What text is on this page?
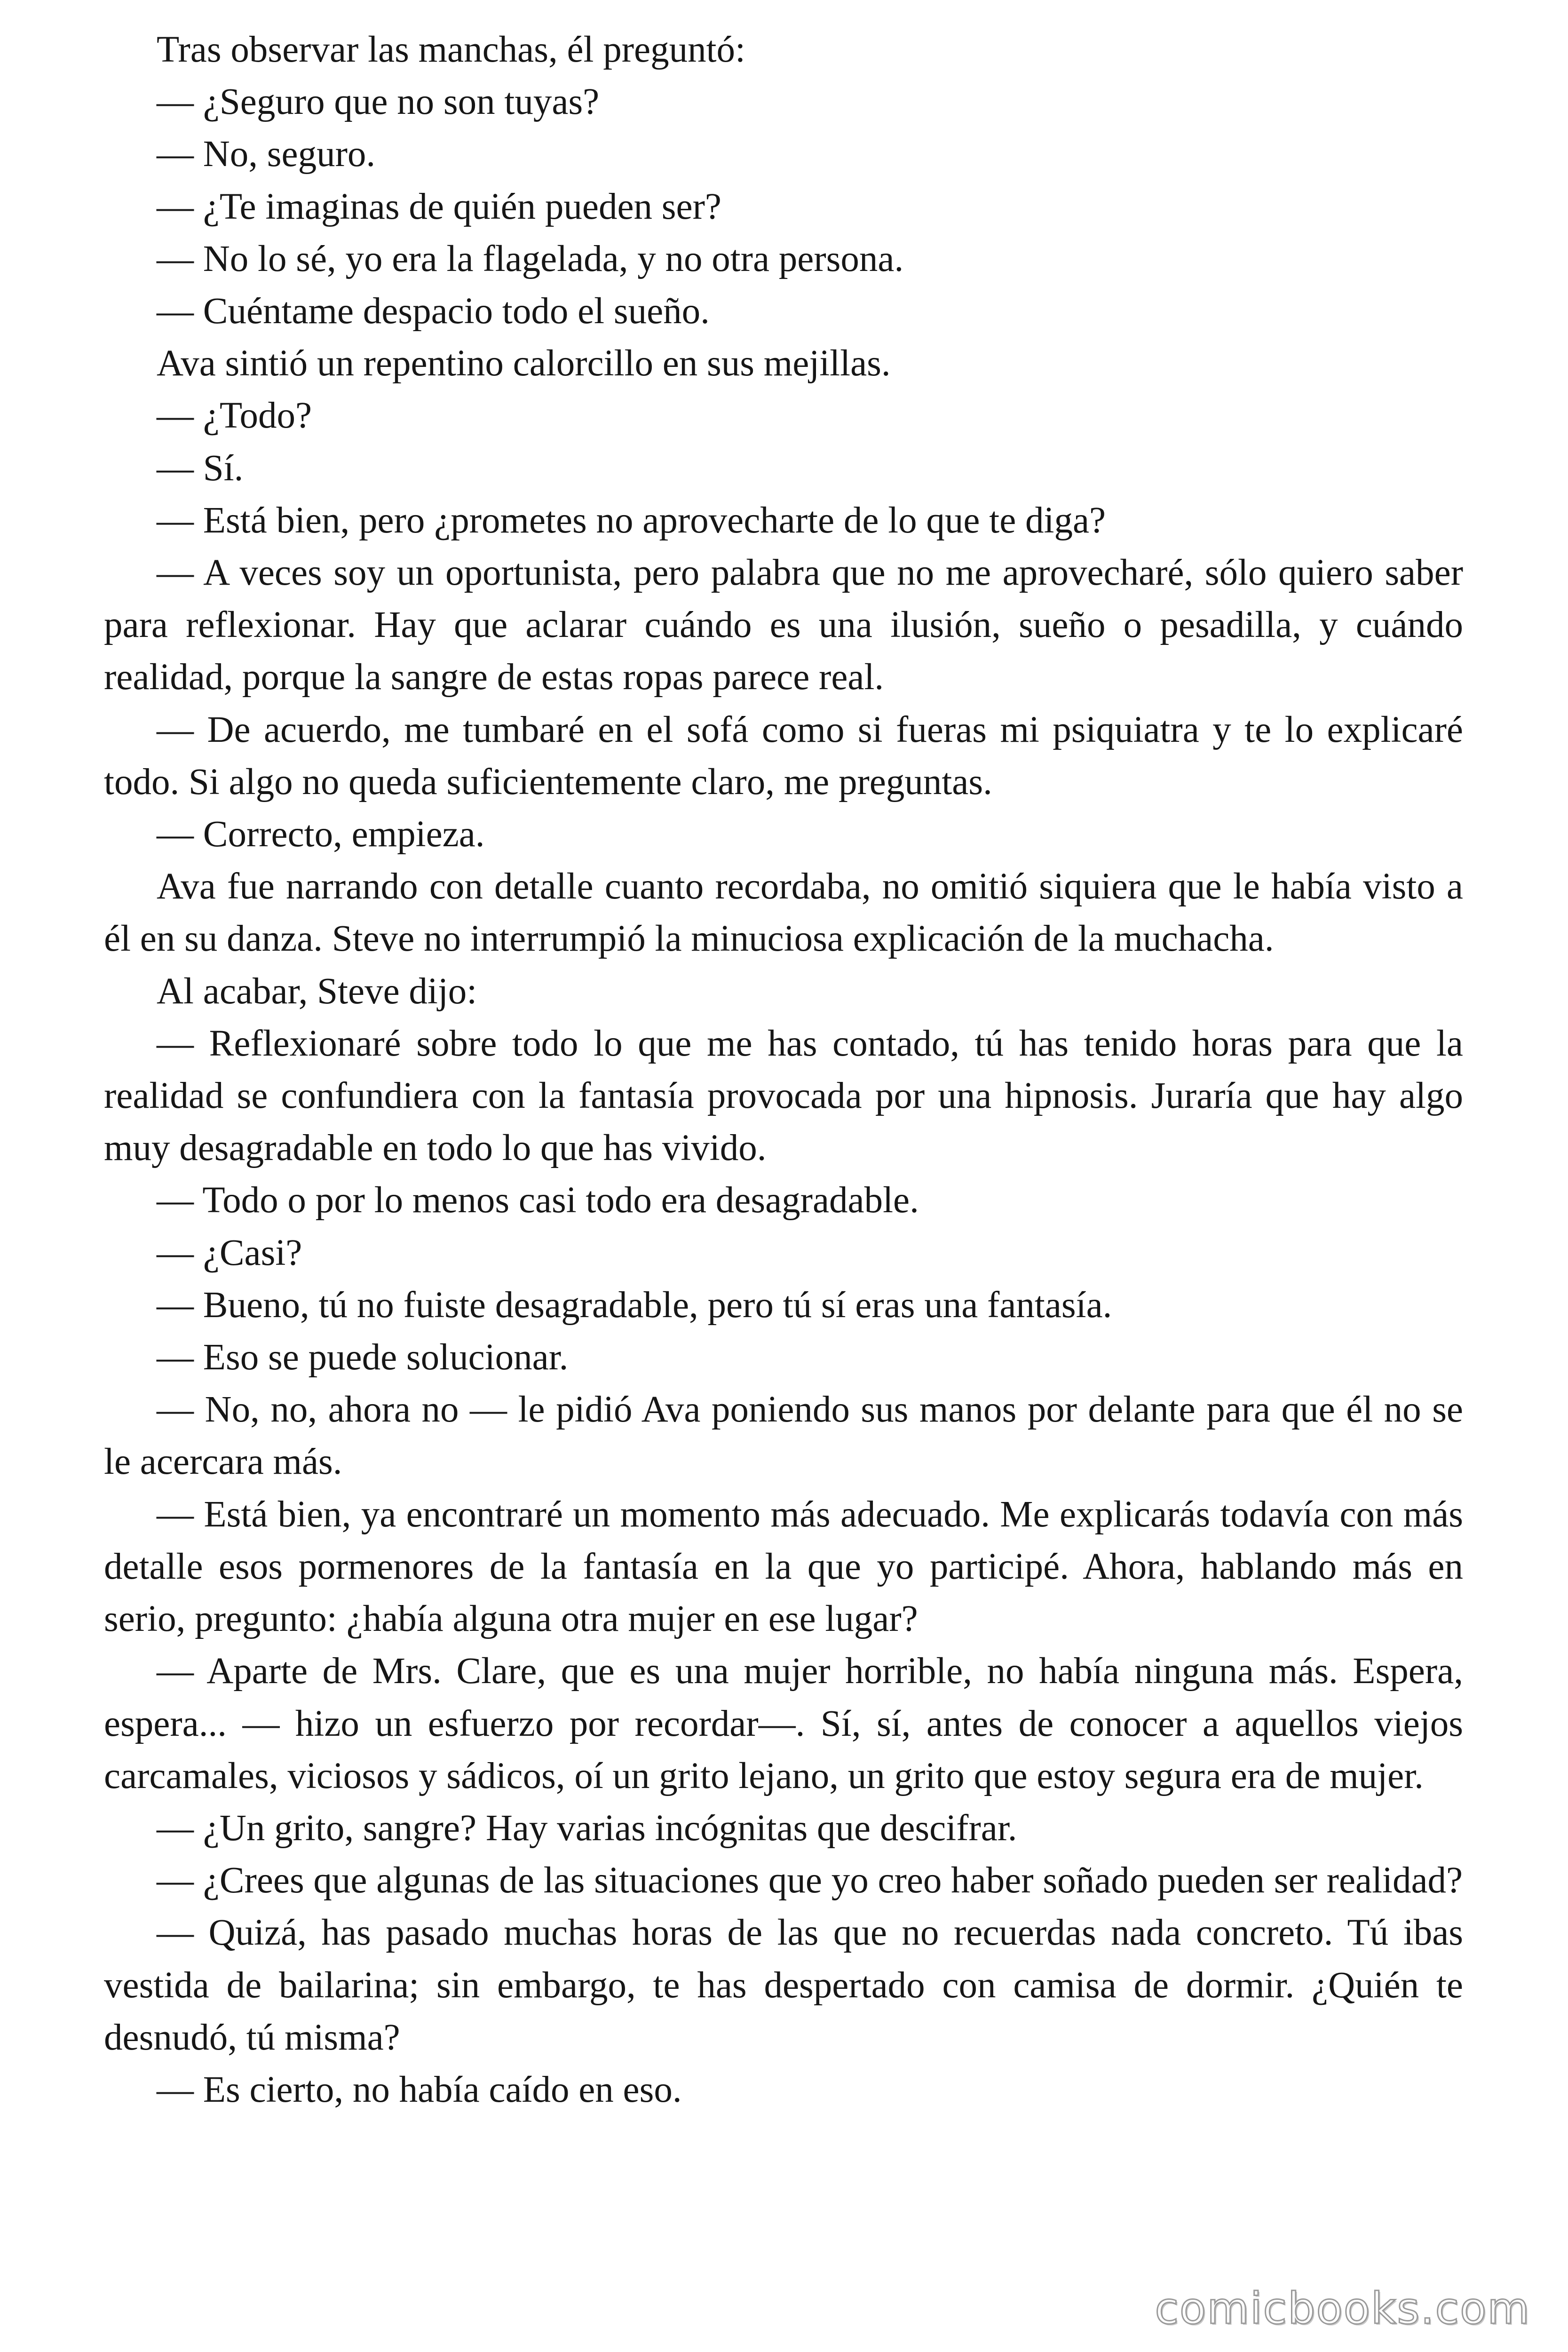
Tras observar las manchas, él preguntó:

— ¿Seguro que no son tuyas?

— No, seguro.

— ¿Te imaginas de quién pueden ser?

— No lo sé, yo era la flagelada, y no otra persona.

— Cuéntame despacio todo el sueño.

Ava sintió un repentino calorcillo en sus mejillas.

— ¿Todo?

— Sí.

— Está bien, pero ¿prometes no aprovecharte de lo que te diga?

— A veces soy un oportunista, pero palabra que no me aprovecharé, sólo quiero saber para reflexionar. Hay que aclarar cuándo es una ilusión, sueño o pesadilla, y cuándo realidad, porque la sangre de estas ropas parece real.

— De acuerdo, me tumbaré en el sofá como si fueras mi psiquiatra y te lo explicaré todo. Si algo no queda suficientemente claro, me preguntas.

— Correcto, empieza.

Ava fue narrando con detalle cuanto recordaba, no omitió siquiera que le había visto a él en su danza. Steve no interrumpió la minuciosa explicación de la muchacha.

Al acabar, Steve dijo:

— Reflexionaré sobre todo lo que me has contado, tú has tenido horas para que la realidad se confundiera con la fantasía provocada por una hipnosis. Juraría que hay algo muy desagradable en todo lo que has vivido.

— Todo o por lo menos casi todo era desagradable.

— ¿Casi?

— Bueno, tú no fuiste desagradable, pero tú sí eras una fantasía.

— Eso se puede solucionar.

— No, no, ahora no — le pidió Ava poniendo sus manos por delante para que él no se le acercara más.

— Está bien, ya encontraré un momento más adecuado. Me explicarás todavía con más detalle esos pormenores de la fantasía en la que yo participé. Ahora, hablando más en serio, pregunto: ¿había alguna otra mujer en ese lugar?

— Aparte de Mrs. Clare, que es una mujer horrible, no había ninguna más. Espera, espera... — hizo un esfuerzo por recordar—. Sí, sí, antes de conocer a aquellos viejos carcamales, viciosos y sádicos, oí un grito lejano, un grito que estoy segura era de mujer.

— ¿Un grito, sangre? Hay varias incógnitas que descifrar.

— ¿Crees que algunas de las situaciones que yo creo haber soñado pueden ser realidad?

— Quizá, has pasado muchas horas de las que no recuerdas nada concreto. Tú ibas vestida de bailarina; sin embargo, te has despertado con camisa de dormir. ¿Quién te desnudó, tú misma?

— Es cierto, no había caído en eso.

comicbooks.com
